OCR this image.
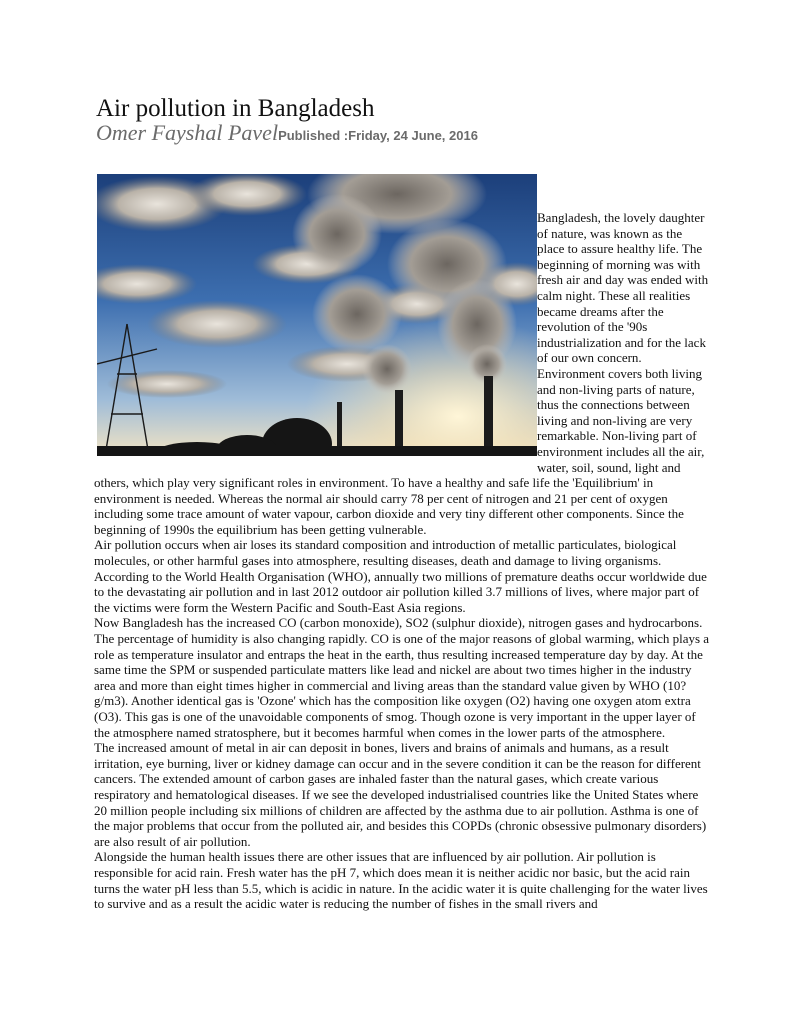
Air pollution in Bangladesh
Omer Fayshal PavelPublished :Friday, 24 June, 2016

Bangladesh, the lovely daughter of nature, was known as the place to assure healthy life. The beginning of morning was with fresh air and day was ended with calm night. These all realities became dreams after the revolution of the '90s industrialization and for the lack of our own concern. Environment covers both living and non-living parts of nature, thus the connections between living and non-living are very remarkable. Non-living part of environment includes all the air, water, soil, sound, light and others, which play very significant roles in environment. To have a healthy and safe life the 'Equilibrium' in environment is needed. Whereas the normal air should carry 78 per cent of nitrogen and 21 per cent of oxygen including some trace amount of water vapour, carbon dioxide and very tiny different other components. Since the beginning of 1990s the equilibrium has been getting vulnerable.

Air pollution occurs when air loses its standard composition and introduction of metallic particulates, biological molecules, or other harmful gases into atmosphere, resulting diseases, death and damage to living organisms. According to the World Health Organisation (WHO), annually two millions of premature deaths occur worldwide due to the devastating air pollution and in last 2012 outdoor air pollution killed 3.7 millions of lives, where major part of the victims were form the Western Pacific and South-East Asia regions.

Now Bangladesh has the increased CO (carbon monoxide), SO2 (sulphur dioxide), nitrogen gases and hydrocarbons. The percentage of humidity is also changing rapidly. CO is one of the major reasons of global warming, which plays a role as temperature insulator and entraps the heat in the earth, thus resulting increased temperature day by day. At the same time the SPM or suspended particulate matters like lead and nickel are about two times higher in the industry area and more than eight times higher in commercial and living areas than the standard value given by WHO (10?g/m3). Another identical gas is 'Ozone' which has the composition like oxygen (O2) having one oxygen atom extra (O3). This gas is one of the unavoidable components of smog. Though ozone is very important in the upper layer of the atmosphere named stratosphere, but it becomes harmful when comes in the lower parts of the atmosphere.

The increased amount of metal in air can deposit in bones, livers and brains of animals and humans, as a result irritation, eye burning, liver or kidney damage can occur and in the severe condition it can be the reason for different cancers. The extended amount of carbon gases are inhaled faster than the natural gases, which create various respiratory and hematological diseases. If we see the developed industrialised countries like the United States where 20 million people including six millions of children are affected by the asthma due to air pollution. Asthma is one of the major problems that occur from the polluted air, and besides this COPDs (chronic obsessive pulmonary disorders) are also result of air pollution.

Alongside the human health issues there are other issues that are influenced by air pollution. Air pollution is responsible for acid rain. Fresh water has the pH 7, which does mean it is neither acidic nor basic, but the acid rain turns the water pH less than 5.5, which is acidic in nature. In the acidic water it is quite challenging for the water lives to survive and as a result the acidic water is reducing the number of fishes in the small rivers and
